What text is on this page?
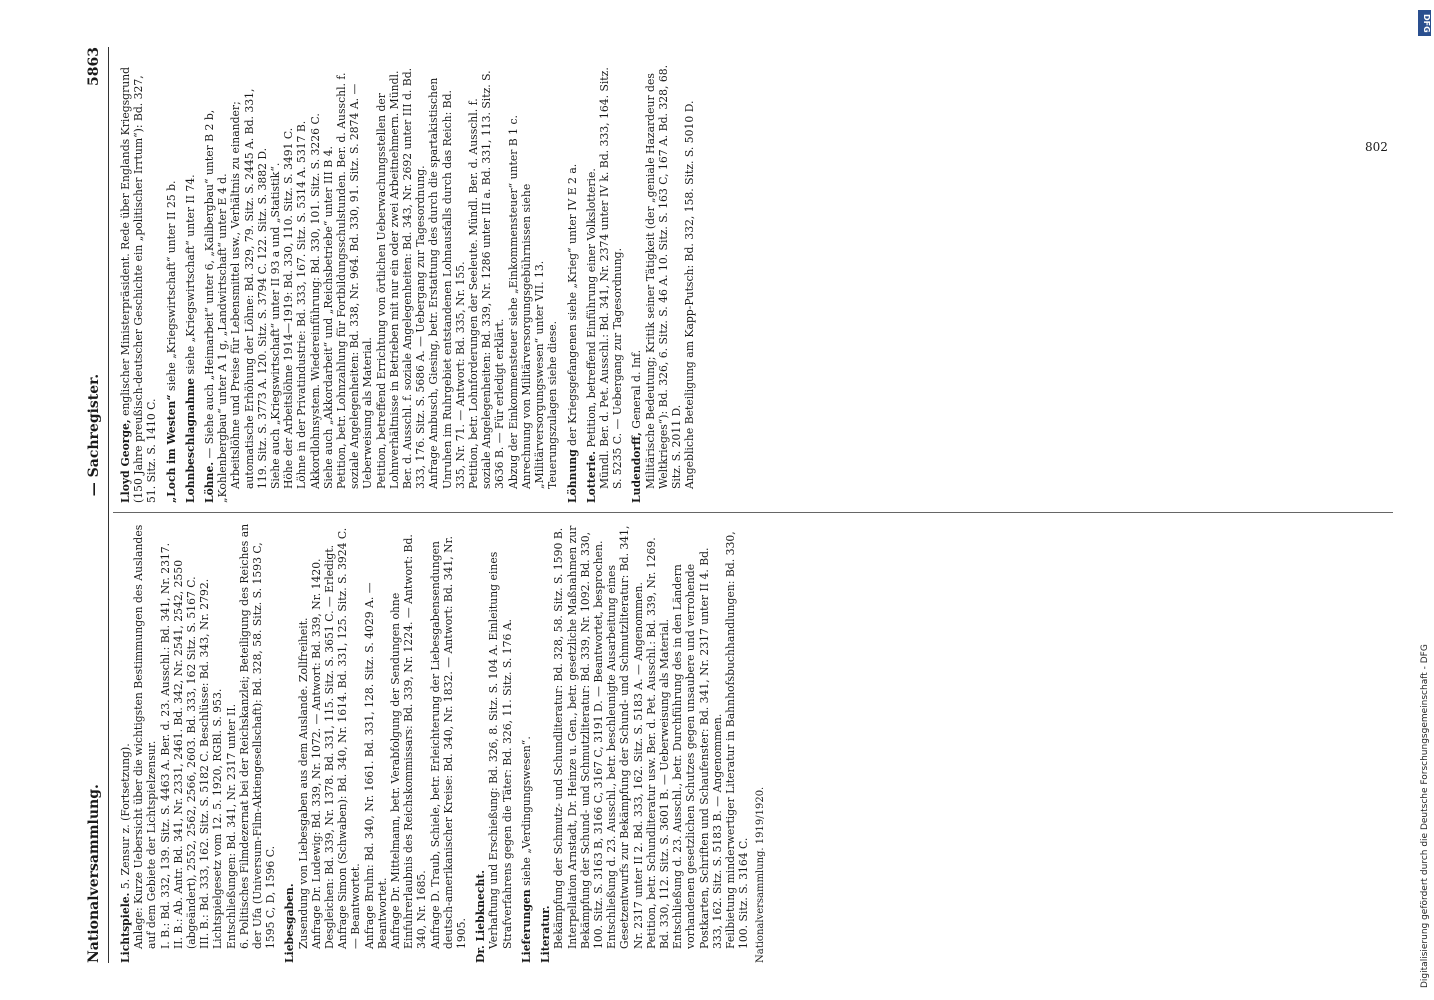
Nationalversammlung.
— Sachregister.
5863

Lichtspiele. 5. Zensur z. (Fortsetzung). Anlage: Kurze Uebersicht über die wichtigsten Bestimmungen des Auslandes auf dem Gebiete der Lichtspielzensur. I. B.: Bd. 332, 139. Sitz. S. 4463 A. Ber. d. 23. Ausschl.: Bd. 341, Nr. 2317. II. B.: Ab. Antr. Bd. 341, Nr. 2331, 2461. Bd. 342, Nr. 2541, 2542, 2550 (abgeändert), 2552, 2562, 2566, 2603. Bd. 333, 162 Sitz. S. 5167 C. III. B.: Bd. 333, 162. Sitz. S. 5182 C. Beschlüsse: Bd. 343, Nr. 2792. Lichtspielgesetz vom 12. 5. 1920, RGBl. S. 953. Entschließungen: Bd. 341, Nr. 2317 unter II. 6. Politisches Filmdezernat bei der Reichskanzlei; Beteiligung des Reiches an der Ufa (Universum-Film-Aktiengesellschaft): Bd. 328, 58. Sitz. S. 1593 C, 1595 C, D, 1596 C. Liebesgaben. Zusendung von Liebesgaben aus dem Auslande. Zollfreiheit. Anfrage Dr. Ludewig: Bd. 339, Nr. 1072. — Antwort: Bd. 339, Nr. 1420. Desgleichen: Bd. 339, Nr. 1378. Bd. 331, 115. Sitz. S. 3651 C. — Erledigt. Anfrage Simon (Schwaben): Bd. 340, Nr. 1614. Bd. 331, 125. Sitz. S. 3924 C. — Beantwortet. Anfrage Bruhn: Bd. 340, Nr. 1661. Bd. 331, 128. Sitz. S. 4029 A. — Beantwortet. Anfrage Dr. Mittelmann, betr. Verabfolgung der Sendungen ohne Einfuhrerlaubnis des Reichskommissars: Bd. 339, Nr. 1224. — Antwort: Bd. 340, Nr. 1685. Anfrage D. Traub, Schiele, betr. Erleichterung der Liebesgabensendungen deutsch-amerikanischer Kreise: Bd. 340, Nr. 1832. — Antwort: Bd. 341, Nr. 1905. Dr. Liebknecht. Verhaftung und Erschießung: Bd. 326, 8. Sitz. S. 104 A. Einleitung eines Strafverfahrens gegen die Täter: Bd. 326, 11. Sitz. S. 176 A. Lieferungen siehe „Verdingungswesen“.

Literatur. Bekämpfung der Schmutz- und Schundliteratur: Bd. 328, 58. Sitz. S. 1590 B. Interpellation Arnstadt, Dr. Heinze u. Gen., betr. gesetzliche Maßnahmen zur Bekämpfung der Schund- und Schmutzliteratur: Bd. 339, Nr. 1092. Bd. 330, 100. Sitz. S. 3163 B, 3166 C, 3167 C, 3191 D. — Beantwortet, besprochen. Entschließung d. 23. Ausschl., betr. beschleunigte Ausarbeitung eines Gesetzentwurfs zur Bekämpfung der Schund- und Schmutzliteratur: Bd. 341, Nr. 2317 unter II 2. Bd. 333, 162. Sitz. S. 5183 A. — Angenommen. Petition, betr. Schundliteratur usw. Ber. d. Pet. Ausschl.: Bd. 339, Nr. 1269. Bd. 330, 112. Sitz. S. 3601 B. — Ueberweisung als Material. Entschließung d. 23. Ausschl., betr. Durchführung des in den Ländern vorhandenen gesetzlichen Schutzes gegen unsaubere und verrohende Postkarten, Schriften und Schaufenster: Bd. 341, Nr. 2317 unter II 4. Bd. 333, 162. Sitz. S. 5183 B. — Angenommen. Feilbietung minderwertiger Literatur in Bahnhofsbuchhandlungen: Bd. 330, 100. Sitz. S. 3164 C. Nationalversammlung. 1919/1920.

Lloyd George, englischer Ministerpräsident. Rede über Englands Kriegsgrund (150 Jahre preußisch-deutscher Geschichte ein „politischer Irrtum“): Bd. 327, 51. Sitz. S. 1410 C. „Loch im Westen“ siehe „Kriegswirtschaft“ unter II 25 b.

Lohnbeschlagnahme siehe „Kriegswirtschaft“ unter II 74.

Löhne. — Siehe auch „Heimarbeit“ unter 6, „Kalibergbau“ unter B 2 b, „Kohlenbergbau“ unter A 1 g, „Landwirtschaft“ unter E 4 d. Arbeitslöhne und Preise für Lebensmittel usw., Verhältnis zu einander; automatische Erhöhung der Löhne: Bd. 329, 79. Sitz. S. 2445 A. Bd. 331, 119. Sitz. S. 3773 A. 120. Sitz. S. 3794 C. 122. Sitz. S. 3882 D. Siehe auch „Kriegswirtschaft“ unter II 93 a und „Statistik“. Höhe der Arbeitslöhne 1914—1919: Bd. 330, 110. Sitz. S. 3491 C. Löhne in der Privatindustrie: Bd. 333, 167. Sitz. S. 5314 A. 5317 B. Akkordlohnsystem. Wiedereinführung: Bd. 330, 101. Sitz. S. 3226 C. Siehe auch „Akkordarbeit“ und „Reichsbetriebe“ unter III B 4. Petition, betr. Lohnzahlung für Fortbildungsschulstunden. Ber. d. Ausschl. f. soziale Angelegenheiten: Bd. 338, Nr. 964. Bd. 330, 91. Sitz. S. 2874 A. — Ueberweisung als Material. Petition, betreffend Errichtung von örtlichen Ueberwachungsstellen der Lohnverhältnisse in Betrieben mit nur ein oder zwei Arbeitnehmern. Mündl. Ber. d. Ausschl. f. soziale Angelegenheiten: Bd. 343, Nr. 2692 unter III d. Bd. 333, 176. Sitz. S. 5686 A. — Uebergang zur Tagesordnung. Anfrage Ambusch, Giesing, betr. Erstattung des durch die spartakistischen Unruhen im Ruhrgebiet entstandenen Lohnausfalls durch das Reich: Bd. 335, Nr. 71. — Antwort: Bd. 335, Nr. 155. Petition, betr. Lohnforderungen der Seeleute. Mündl. Ber. d. Ausschl. f. soziale Angelegenheiten: Bd. 339, Nr. 1286 unter III a. Bd. 331, 113. Sitz. S. 3636 B. — Für erledigt erklärt. Abzug der Einkommensteuer siehe „Einkommensteuer“ unter B 1 c. Anrechnung von Militärversorgungsgebührnissen siehe „Militärversorgungswesen“ unter VII. 13. Teuerungszulagen siehe diese. Löhnung der Kriegsgefangenen siehe „Krieg“ unter IV E 2 a.

Lotterie. Petition, betreffend Einführung einer Volkslotterie. Mündl. Ber. d. Pet. Ausschl.: Bd. 341, Nr. 2374 unter IV k. Bd. 333, 164. Sitz. S. 5235 C. — Uebergang zur Tagesordnung. Ludendorff, General d. Inf. Militärische Bedeutung; Kritik seiner Tätigkeit (der „geniale Hazardeur des Weltkrieges“): Bd. 326, 6. Sitz. S. 46 A. 10. Sitz. S. 163 C, 167 A. Bd. 328, 68. Sitz. S. 2011 D. Angebliche Beteiligung am Kapp-Putsch: Bd. 332, 158. Sitz. S. 5010 D.	802
Digitalisierung gefördert durch die Deutsche Forschungsgemeinschaft - DFG
DFG
